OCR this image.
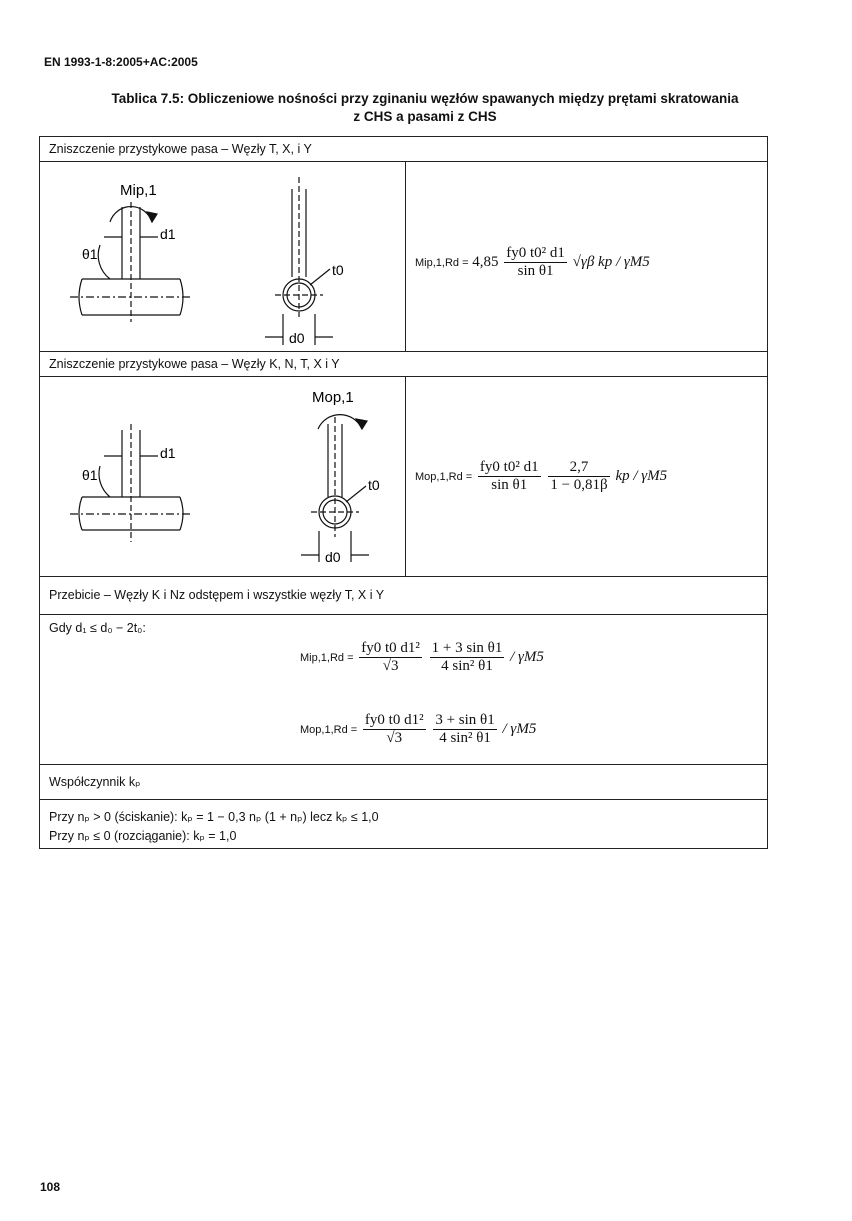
EN 1993-1-8:2005+AC:2005
Tablica 7.5: Obliczeniowe nośności przy zginaniu węzłów spawanych między prętami skratowania
z CHS a pasami z CHS
Zniszczenie przystykowe pasa – Węzły T, X, i Y
Zniszczenie przystykowe pasa – Węzły K, N, T, X i Y
Przebicie – Węzły K i Nz odstępem i wszystkie węzły T, X i Y
Gdy d₁ ≤ d₀ − 2t₀:
Współczynnik kₚ
Przy nₚ > 0 (ściskanie): kₚ = 1 − 0,3 nₚ (1 + nₚ) lecz kₚ ≤ 1,0
Przy nₚ ≤ 0 (rozciąganie): kₚ = 1,0
Mip,1
d1
θ1
t0
d0
Mop,1
d1
θ1
t0
d0
$Mip,1,Rd = 4,85 \frac{\text{fy0 t0² d1}}{\text{sin θ1}} √\gamma\beta$ kp / γM5
$Mop,1,Rd = \frac{\text{fy0 t0² d1}}{\text{sin θ1}}$
$\frac{2,7}{1 - 0,81\beta}$ kp / γM5
$Mip,1,Rd = \frac{\text{fy0 t0 d1²}}{√3}$
$\frac{\text{1 + 3 sin θ1}}{\text{4 sin² θ1}} / \gamma M5$
$Mop,1,Rd = \frac{\text{fy0 t0 d1²}}{√3}$
$\frac{\text{3 + sin θ1}}{\text{4 sin² θ1}} / \gamma M5$
108
